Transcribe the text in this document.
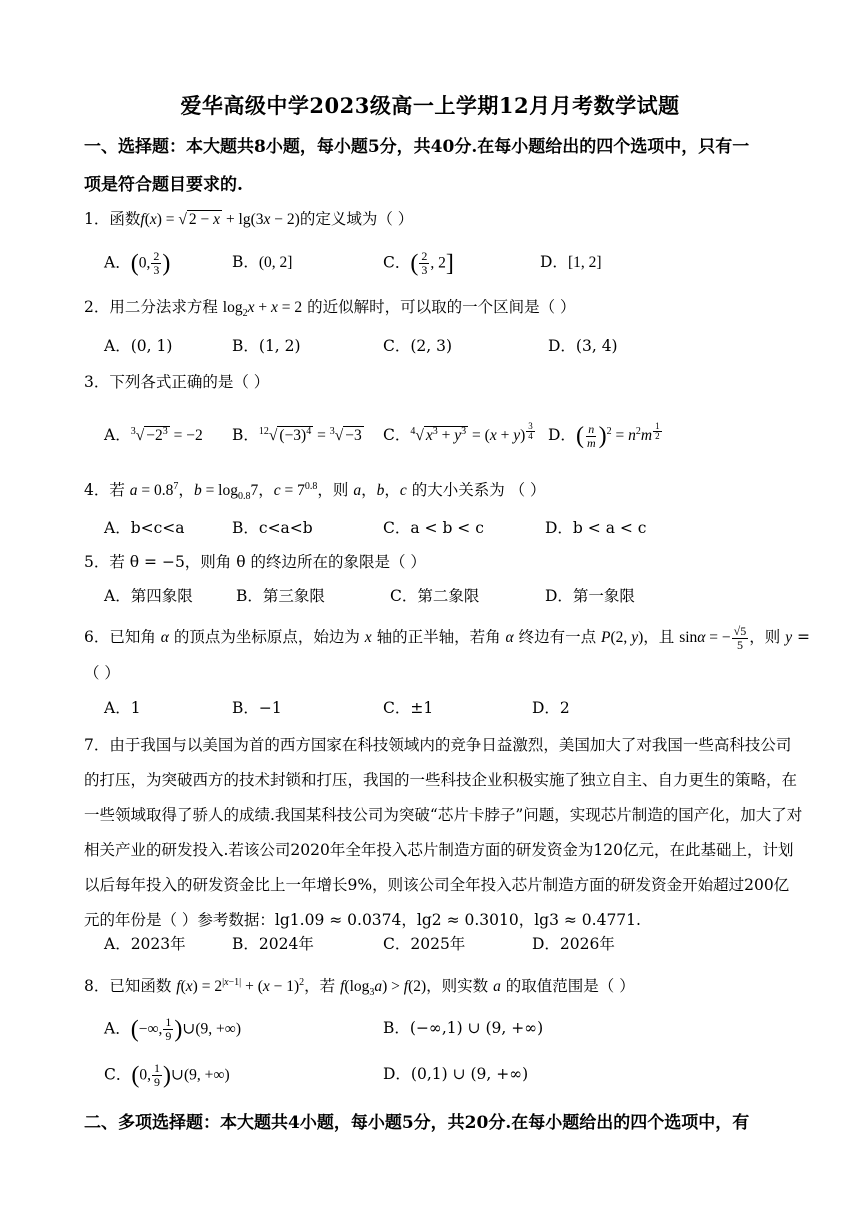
爱华高级中学2023级高一上学期12月月考数学试题
一、选择题：本大题共8小题，每小题5分，共40分.在每小题给出的四个选项中，只有一
项是符合题目要求的.
1．函数f(x) = √ 2 − x + lg(3x − 2)的定义域为（ ）
A．(0, $\frac{2}{3}$ )	B．(0, 2]	C．( $\frac{2}{3}$ , 2]	D．[1, 2]
2．用二分法求方程 $\log_2x + x = 2$ 的近似解时，可以取的一个区间是（ ）
A．(0, 1)	B．(1, 2)	C．(2, 3)	D．(3, 4)
3．下列各式正确的是（ ）
A．$^3√ -2^3 = -2$ B．$^{12}$√ $(-3)^4 = ^3√ -3$ C．$^4$√ $x^3 + y^3 = (x + y)$ $^{\frac{3}{4}}$ D．( $\frac{n}{m} )^2 = n^2m$ $^{\frac{1}{2}}$
4．若 $a = 0.8^7$，$b = \log_{0.8}7$，$c = 7^{0.8}$，则 a，b，c 的大小关系为 （ ）
A．b<c<a	B．c<a<b	C．a < b < c	D．b < a < c
5．若 θ = −5，则角 θ 的终边所在的象限是（ ）
A．第四象限	B．第三象限	C．第二象限	D．第一象限
6．已知角 α 的顶点为坐标原点，始边为 x 轴的正半轴，若角 α 终边有一点 P(2, y)，且 sinα = − $\frac{√5}{5}$ ，则 y =
（ ）
A．1	B．−1	C．±1	D．2
7．由于我国与以美国为首的西方国家在科技领域内的竞争日益激烈，美国加大了对我国一些高科技公司
的打压，为突破西方的技术封锁和打压，我国的一些科技企业积极实施了独立自主、自力更生的策略，在
一些领域取得了骄人的成绩.我国某科技公司为突破“芯片卡脖子”问题，实现芯片制造的国产化，加大了对
相关产业的研发投入.若该公司2020年全年投入芯片制造方面的研发资金为120亿元，在此基础上，计划
以后每年投入的研发资金比上一年增长9%，则该公司全年投入芯片制造方面的研发资金开始超过200亿
元的年份是（ ）参考数据：lg1.09 ≈ 0.0374，lg2 ≈ 0.3010，lg3 ≈ 0.4771.
A．2023年	B．2024年	C．2025年	D．2026年
8．已知函数 $f(x) = 2^{|x-1|} + (x - 1)^2$，若 $f(\log_3a) > f(2)$，则实数 a 的取值范围是（ ）
A．(−∞, $\frac{1}{9}$ )∪(9, +∞)	B．(−∞,1) ∪ (9, +∞)
C．(0, $\frac{1}{9}$ )∪(9, +∞)	D．(0,1) ∪ (9, +∞)
二、多项选择题：本大题共4小题，每小题5分，共20分.在每小题给出的四个选项中，有
